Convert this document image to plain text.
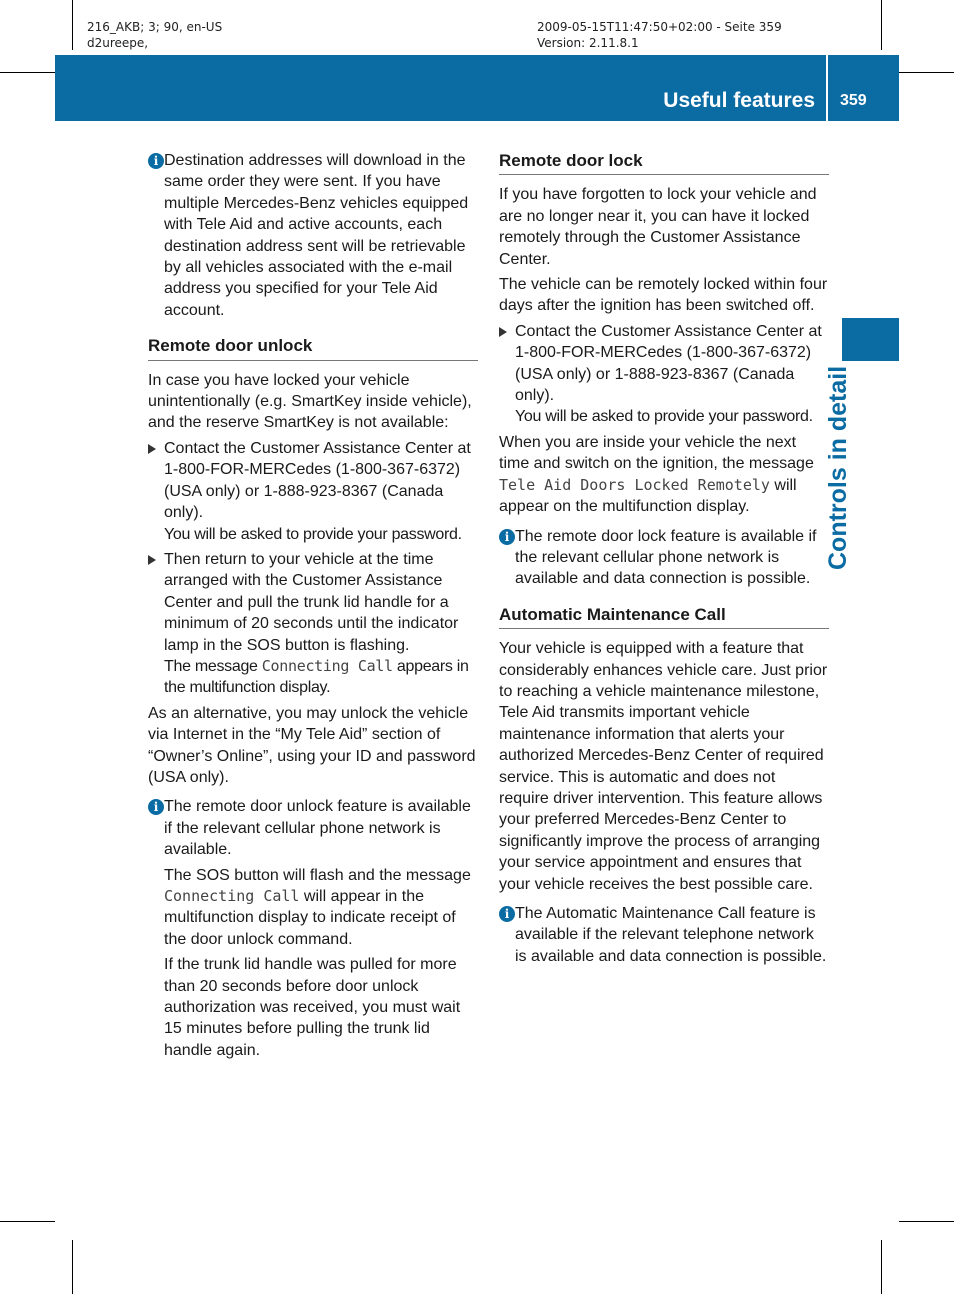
216_AKB; 3; 90, en-US
d2ureepe,
2009-05-15T11:47:50+02:00 - Seite 359
Version: 2.11.8.1
Useful features 359
Controls in detail
i Destination addresses will download in the same order they were sent. If you have multiple Mercedes-Benz vehicles equipped with Tele Aid and active accounts, each destination address sent will be retrievable by all vehicles associated with the e-mail address you specified for your Tele Aid account.

Remote door unlock

In case you have locked your vehicle unintentionally (e.g. SmartKey inside vehicle), and the reserve SmartKey is not available:

Contact the Customer Assistance Center at 1-800-FOR-MERCedes (1-800-367-6372) (USA only) or 1-888-923-8367 (Canada only).

You will be asked to provide your password.

Then return to your vehicle at the time arranged with the Customer Assistance Center and pull the trunk lid handle for a minimum of 20 seconds until the indicator lamp in the SOS button is flashing.

The message Connecting Call appears in the multifunction display.

As an alternative, you may unlock the vehicle via Internet in the “My Tele Aid” section of “Owner’s Online”, using your ID and password (USA only).

i The remote door unlock feature is available if the relevant cellular phone network is available.

The SOS button will flash and the message Connecting Call will appear in the multifunction display to indicate receipt of the door unlock command.

If the trunk lid handle was pulled for more than 20 seconds before door unlock authorization was received, you must wait 15 minutes before pulling the trunk lid handle again.

Remote door lock

If you have forgotten to lock your vehicle and are no longer near it, you can have it locked remotely through the Customer Assistance Center.

The vehicle can be remotely locked within four days after the ignition has been switched off.

Contact the Customer Assistance Center at 1-800-FOR-MERCedes (1-800-367-6372) (USA only) or 1-888-923-8367 (Canada only).

You will be asked to provide your password.

When you are inside your vehicle the next time and switch on the ignition, the message Tele Aid Doors Locked Remotely will appear on the multifunction display.

i The remote door lock feature is available if the relevant cellular phone network is available and data connection is possible.

Automatic Maintenance Call

Your vehicle is equipped with a feature that considerably enhances vehicle care. Just prior to reaching a vehicle maintenance milestone, Tele Aid transmits important vehicle maintenance information that alerts your authorized Mercedes-Benz Center of required service. This is automatic and does not require driver intervention. This feature allows your preferred Mercedes-Benz Center to significantly improve the process of arranging your service appointment and ensures that your vehicle receives the best possible care.

i The Automatic Maintenance Call feature is available if the relevant telephone network is available and data connection is possible.
